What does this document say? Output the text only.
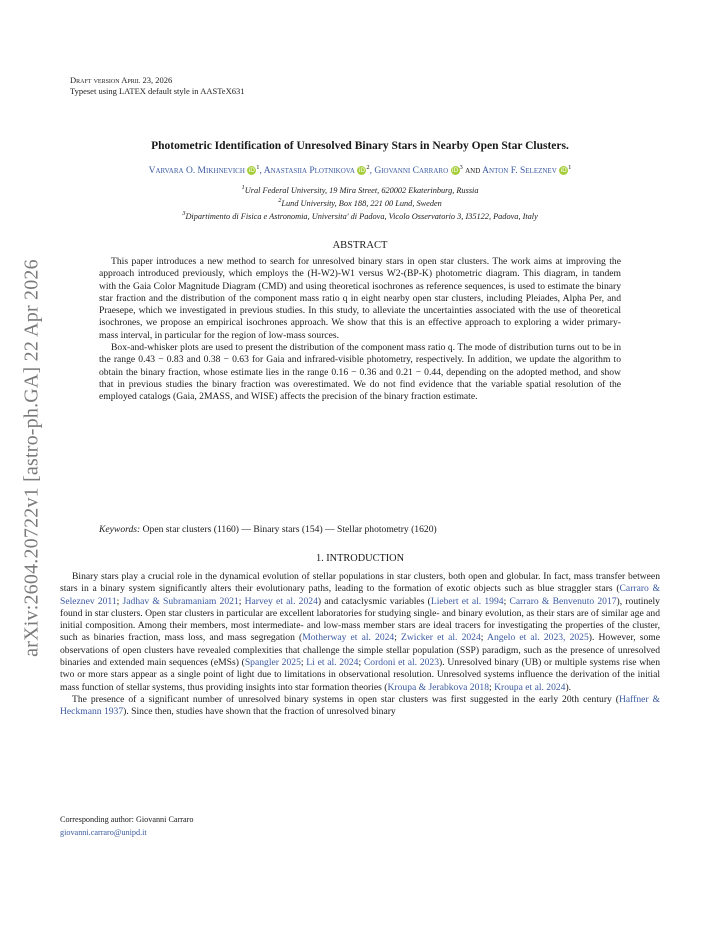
arXiv:2604.20722v1 [astro-ph.GA] 22 Apr 2026
Draft version April 23, 2026
Typeset using LATEX default style in AASTeX631
Photometric Identification of Unresolved Binary Stars in Nearby Open Star Clusters.
Varvara O. Mikhnevich $iD^1$, Anastasiia Plotnikova $iD^2$, Giovanni Carraro $iD^3$ and Anton F. Seleznev $iD^1$
$^1$Ural Federal University, 19 Mira Street, 620002 Ekaterinburg, Russia
$^2$Lund University, Box 188, 221 00 Lund, Sweden
$^3$Dipartimento di Fisica e Astronomia, Universita' di Padova, Vicolo Osservatorio 3, I35122, Padova, Italy
ABSTRACT

This paper introduces a new method to search for unresolved binary stars in open star clusters. The work aims at improving the approach introduced previously, which employs the (H-W2)-W1 versus W2-(BP-K) photometric diagram. This diagram, in tandem with the Gaia Color Magnitude Diagram (CMD) and using theoretical isochrones as reference sequences, is used to estimate the binary star fraction and the distribution of the component mass ratio q in eight nearby open star clusters, including Pleiades, Alpha Per, and Praesepe, which we investigated in previous studies. In this study, to alleviate the uncertainties associated with the use of theoretical isochrones, we propose an empirical isochrones approach. We show that this is an effective approach to exploring a wider primary-mass interval, in particular for the region of low-mass sources.

Box-and-whisker plots are used to present the distribution of the component mass ratio q. The mode of distribution turns out to be in the range 0.43 − 0.83 and 0.38 − 0.63 for Gaia and infrared-visible photometry, respectively. In addition, we update the algorithm to obtain the binary fraction, whose estimate lies in the range 0.16 − 0.36 and 0.21 − 0.44, depending on the adopted method, and show that in previous studies the binary fraction was overestimated. We do not find evidence that the variable spatial resolution of the employed catalogs (Gaia, 2MASS, and WISE) affects the precision of the binary fraction estimate.

Keywords: Open star clusters (1160) — Binary stars (154) — Stellar photometry (1620)
1. INTRODUCTION

Binary stars play a crucial role in the dynamical evolution of stellar populations in star clusters, both open and globular. In fact, mass transfer between stars in a binary system significantly alters their evolutionary paths, leading to the formation of exotic objects such as blue straggler stars (Carraro & Seleznev 2011; Jadhav & Subramaniam 2021; Harvey et al. 2024) and cataclysmic variables (Liebert et al. 1994; Carraro & Benvenuto 2017), routinely found in star clusters. Open star clusters in particular are excellent laboratories for studying single- and binary evolution, as their stars are of similar age and initial composition. Among their members, most intermediate- and low-mass member stars are ideal tracers for investigating the properties of the cluster, such as binaries fraction, mass loss, and mass segregation (Motherway et al. 2024; Zwicker et al. 2024; Angelo et al. 2023, 2025). However, some observations of open clusters have revealed complexities that challenge the simple stellar population (SSP) paradigm, such as the presence of unresolved binaries and extended main sequences (eMSs) (Spangler 2025; Li et al. 2024; Cordoni et al. 2023). Unresolved binary (UB) or multiple systems rise when two or more stars appear as a single point of light due to limitations in observational resolution. Unresolved systems influence the derivation of the initial mass function of stellar systems, thus providing insights into star formation theories (Kroupa & Jerabkova 2018; Kroupa et al. 2024).

The presence of a significant number of unresolved binary systems in open star clusters was first suggested in the early 20th century (Haffner & Heckmann 1937). Since then, studies have shown that the fraction of unresolved binary

Corresponding author: Giovanni Carraro
giovanni.carraro@unipd.it
